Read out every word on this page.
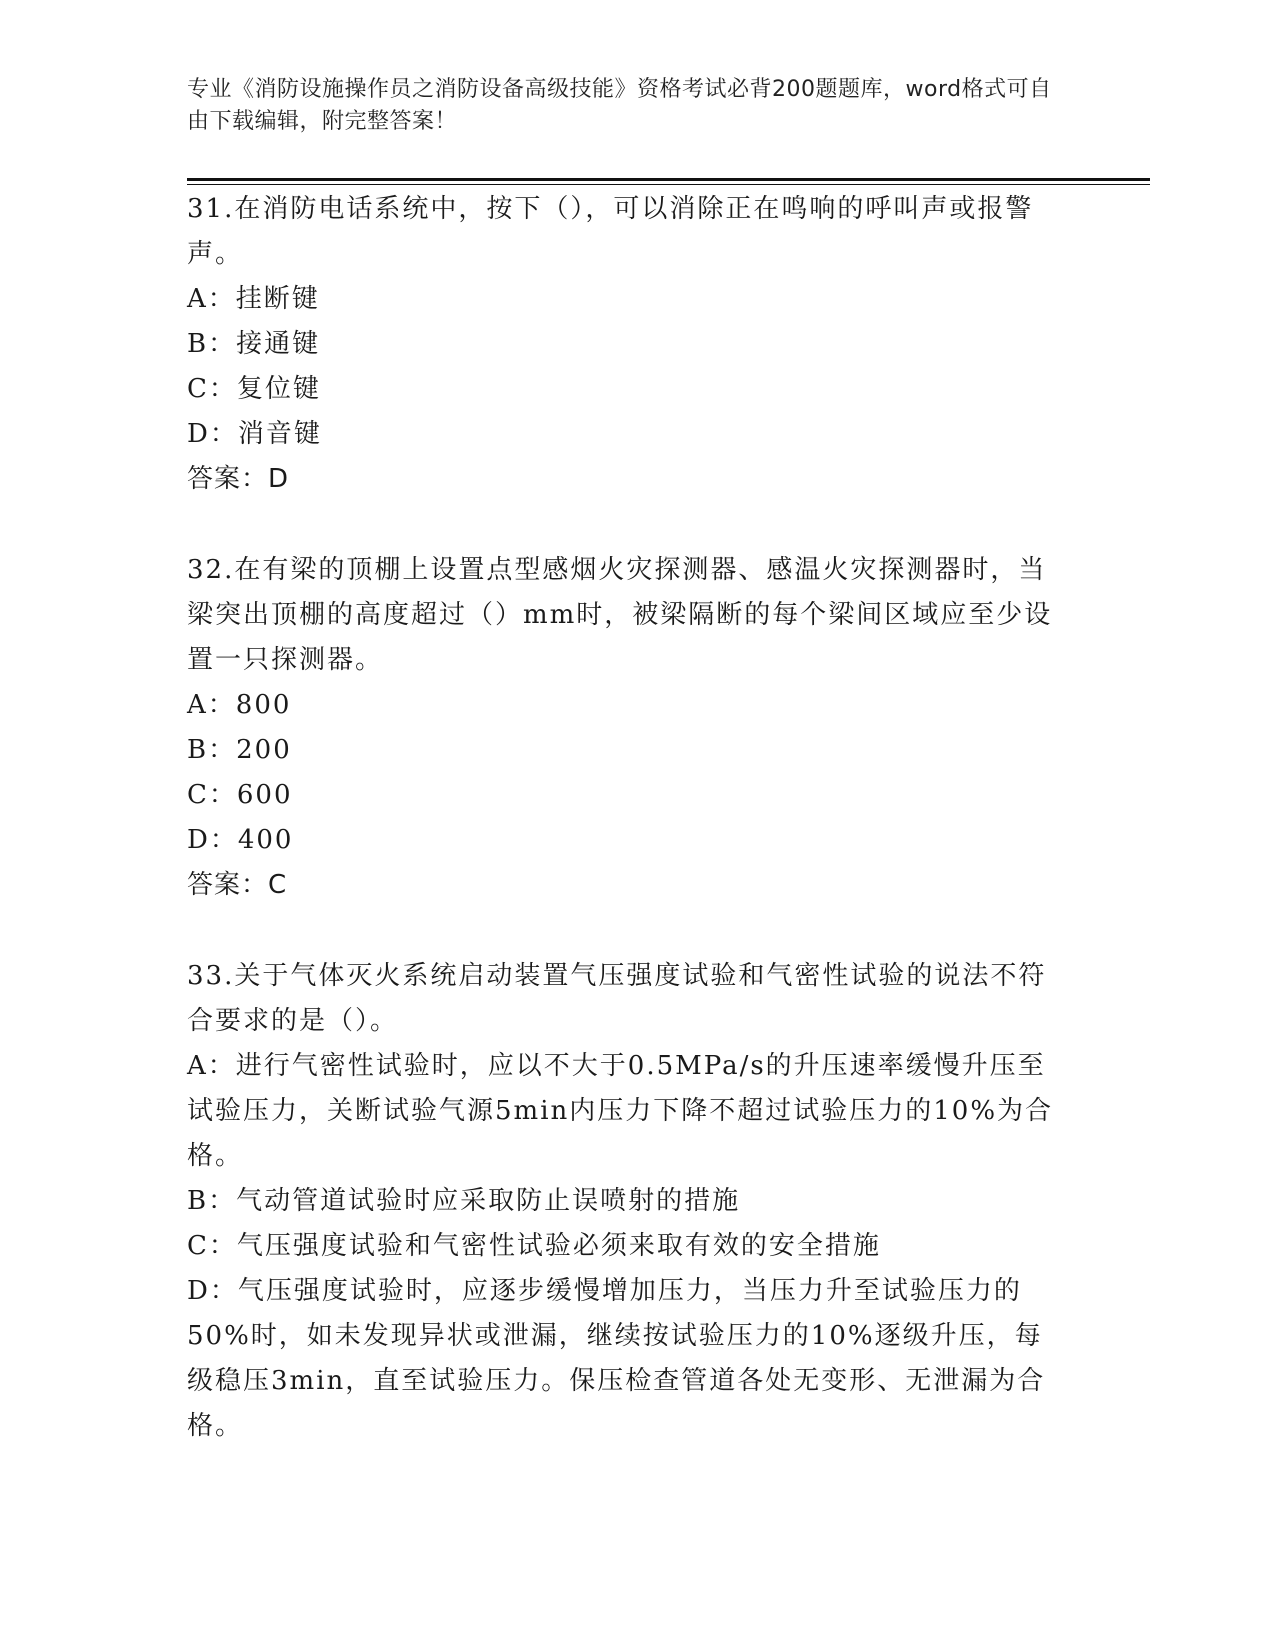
专业《消防设施操作员之消防设备高级技能》资格考试必背200题题库，word格式可自由下载编辑，附完整答案！

31.在消防电话系统中，按下（），可以消除正在鸣响的呼叫声或报警声。

A：挂断键

B：接通键

C：复位键

D：消音键

答案：D

32.在有梁的顶棚上设置点型感烟火灾探测器、感温火灾探测器时，当梁突出顶棚的高度超过（）mm时，被梁隔断的每个梁间区域应至少设置一只探测器。

A：800

B：200

C：600

D：400

答案：C

33.关于气体灭火系统启动装置气压强度试验和气密性试验的说法不符合要求的是（）。

A：进行气密性试验时，应以不大于0.5MPa/s的升压速率缓慢升压至试验压力，关断试验气源5min内压力下降不超过试验压力的10%为合格。

B：气动管道试验时应采取防止误喷射的措施

C：气压强度试验和气密性试验必须来取有效的安全措施

D：气压强度试验时，应逐步缓慢增加压力，当压力升至试验压力的50%时，如未发现异状或泄漏，继续按试验压力的10%逐级升压，每级稳压3min，直至试验压力。保压检查管道各处无变形、无泄漏为合格。
